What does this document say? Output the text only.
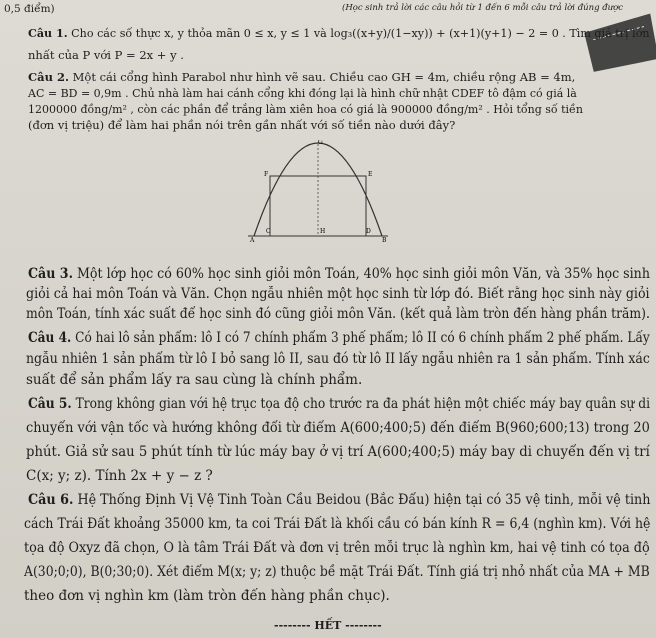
0,5 điểm)	(Học sinh trả lời các câu hỏi từ 1 đến 6 mỗi câu trả lời đúng được
Câu 1. Cho các số thực x, y thỏa mãn 0 ≤ x, y ≤ 1 và log₃((x+y)/(1−xy)) + (x+1)(y+1) − 2 = 0 . Tìm giá trị lớn
nhất của P với P = 2x + y .
Câu 2. Một cái cổng hình Parabol như hình vẽ sau. Chiều cao GH = 4m, chiều rộng AB = 4m,
AC = BD = 0,9m . Chủ nhà làm hai cánh cổng khi đóng lại là hình chữ nhật CDEF tô đậm có giá là
1200000 đồng/m² , còn các phần để trắng làm xiên hoa có giá là 900000 đồng/m² . Hỏi tổng số tiền
(đơn vị triệu) để làm hai phần nói trên gần nhất với số tiền nào dưới đây?
G
F	E
C	H	D
A	B
Câu 3. Một lớp học có 60% học sinh giỏi môn Toán, 40% học sinh giỏi môn Văn, và 35% học sinh
giỏi cả hai môn Toán và Văn. Chọn ngẫu nhiên một học sinh từ lớp đó. Biết rằng học sinh này giỏi
môn Toán, tính xác suất để học sinh đó cũng giỏi môn Văn. (kết quả làm tròn đến hàng phần trăm).
Câu 4. Có hai lô sản phẩm: lô I có 7 chính phẩm 3 phế phẩm; lô II có 6 chính phẩm 2 phế phẩm. Lấy
ngẫu nhiên 1 sản phẩm từ lô I bỏ sang lô II, sau đó từ lô II lấy ngẫu nhiên ra 1 sản phẩm. Tính xác
suất để sản phẩm lấy ra sau cùng là chính phẩm.
Câu 5. Trong không gian với hệ trục tọa độ cho trước ra đa phát hiện một chiếc máy bay quân sự di
chuyển với vận tốc và hướng không đổi từ điểm A(600;400;5) đến điểm B(960;600;13) trong 20
phút. Giả sử sau 5 phút tính từ lúc máy bay ở vị trí A(600;400;5) máy bay di chuyển đến vị trí
C(x; y; z). Tính 2x + y − z ?
Câu 6. Hệ Thống Định Vị Vệ Tinh Toàn Cầu Beidou (Bắc Đẩu) hiện tại có 35 vệ tinh, mỗi vệ tinh
cách Trái Đất khoảng 35000 km, ta coi Trái Đất là khối cầu có bán kính R = 6,4 (nghìn km). Với hệ
tọa độ Oxyz đã chọn, O là tâm Trái Đất và đơn vị trên mỗi trục là nghìn km, hai vệ tinh có tọa độ
A(30;0;0), B(0;30;0). Xét điểm M(x; y; z) thuộc bề mặt Trái Đất. Tính giá trị nhỏ nhất của MA + MB
theo đơn vị nghìn km (làm tròn đến hàng phần chục).
-------- HẾT --------
